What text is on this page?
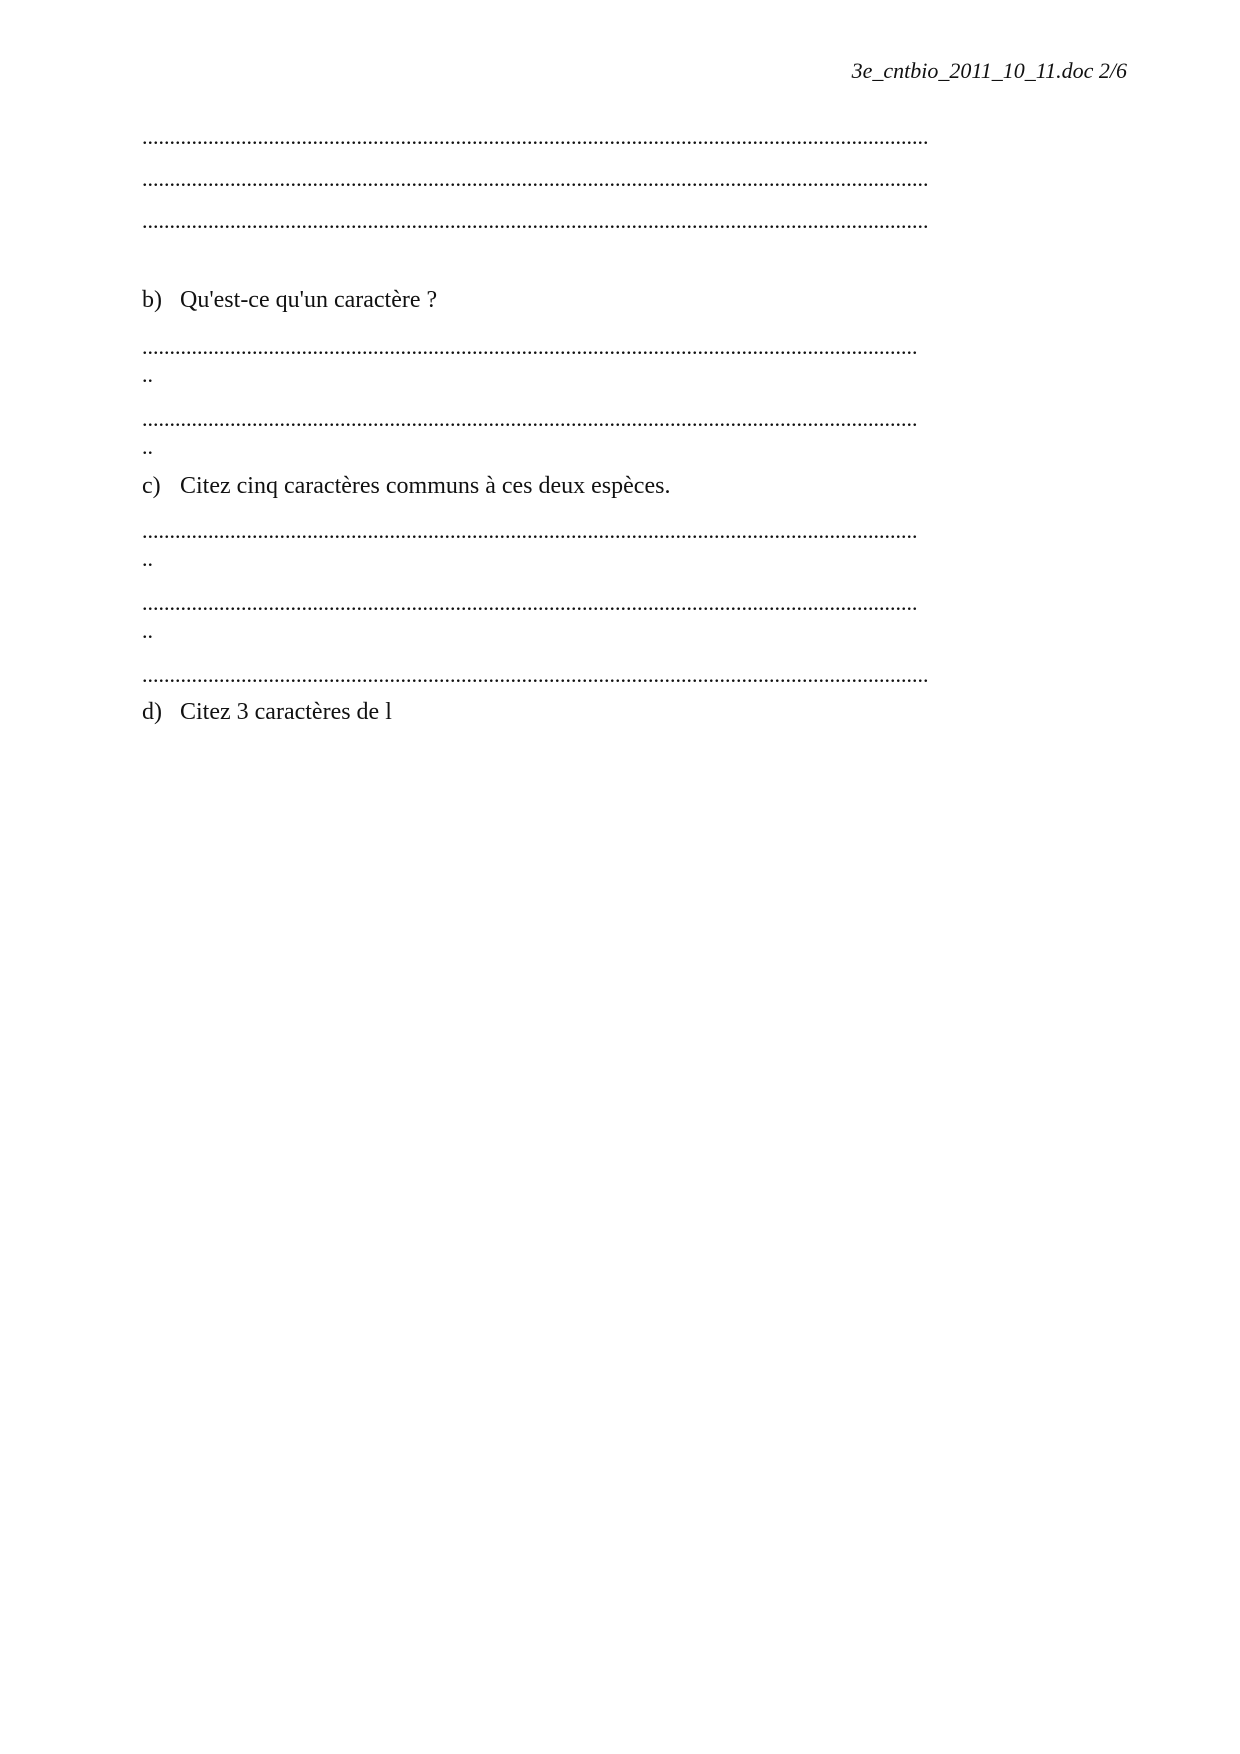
3e_cntbio_2011_10_11.doc 2/6
...............................................................................................................................................
...............................................................................................................................................
...............................................................................................................................................
b) Qu'est-ce qu'un caractère ?
.............................................................................................................................................
..
.............................................................................................................................................
..
c) Citez cinq caractères communs à ces deux espèces.
.............................................................................................................................................
..
.............................................................................................................................................
..
...............................................................................................................................................
d) Citez 3 caractères de l
